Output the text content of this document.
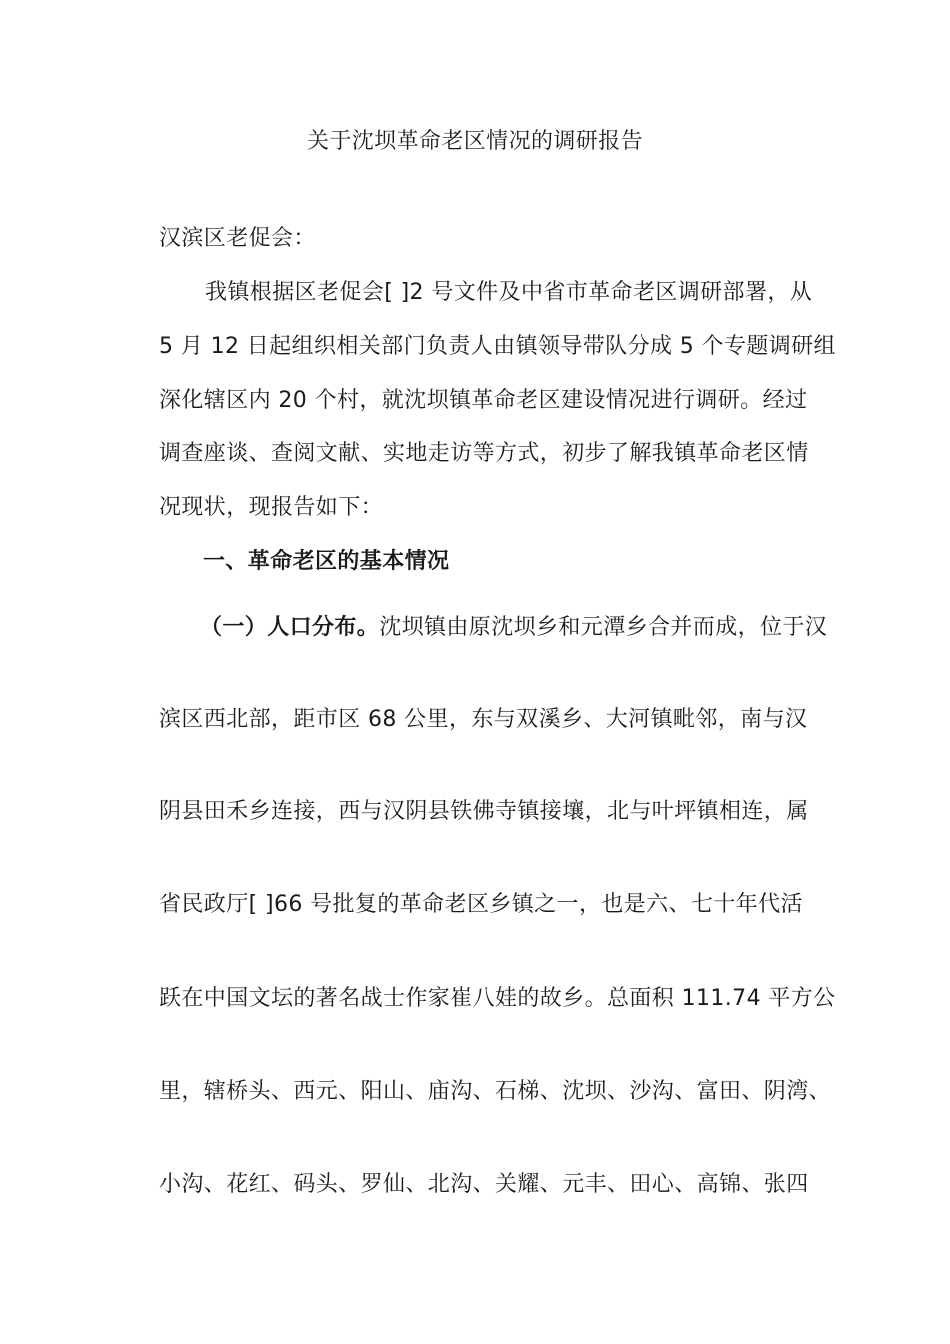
关于沈坝革命老区情况的调研报告
汉滨区老促会：
我镇根据区老促会[ ]2 号文件及中省市革命老区调研部署，从
5 月 12 日起组织相关部门负责人由镇领导带队分成 5 个专题调研组
深化辖区内 20 个村，就沈坝镇革命老区建设情况进行调研。经过
调查座谈、查阅文献、实地走访等方式，初步了解我镇革命老区情
况现状，现报告如下：
一、革命老区的基本情况
（一）人口分布。沈坝镇由原沈坝乡和元潭乡合并而成，位于汉
滨区西北部，距市区 68 公里，东与双溪乡、大河镇毗邻，南与汉
阴县田禾乡连接，西与汉阴县铁佛寺镇接壤，北与叶坪镇相连，属
省民政厅[ ]66 号批复的革命老区乡镇之一，也是六、七十年代活
跃在中国文坛的著名战士作家崔八娃的故乡。总面积 111.74 平方公
里，辖桥头、西元、阳山、庙沟、石梯、沈坝、沙沟、富田、阴湾、
小沟、花红、码头、罗仙、北沟、关耀、元丰、田心、高锦、张四
